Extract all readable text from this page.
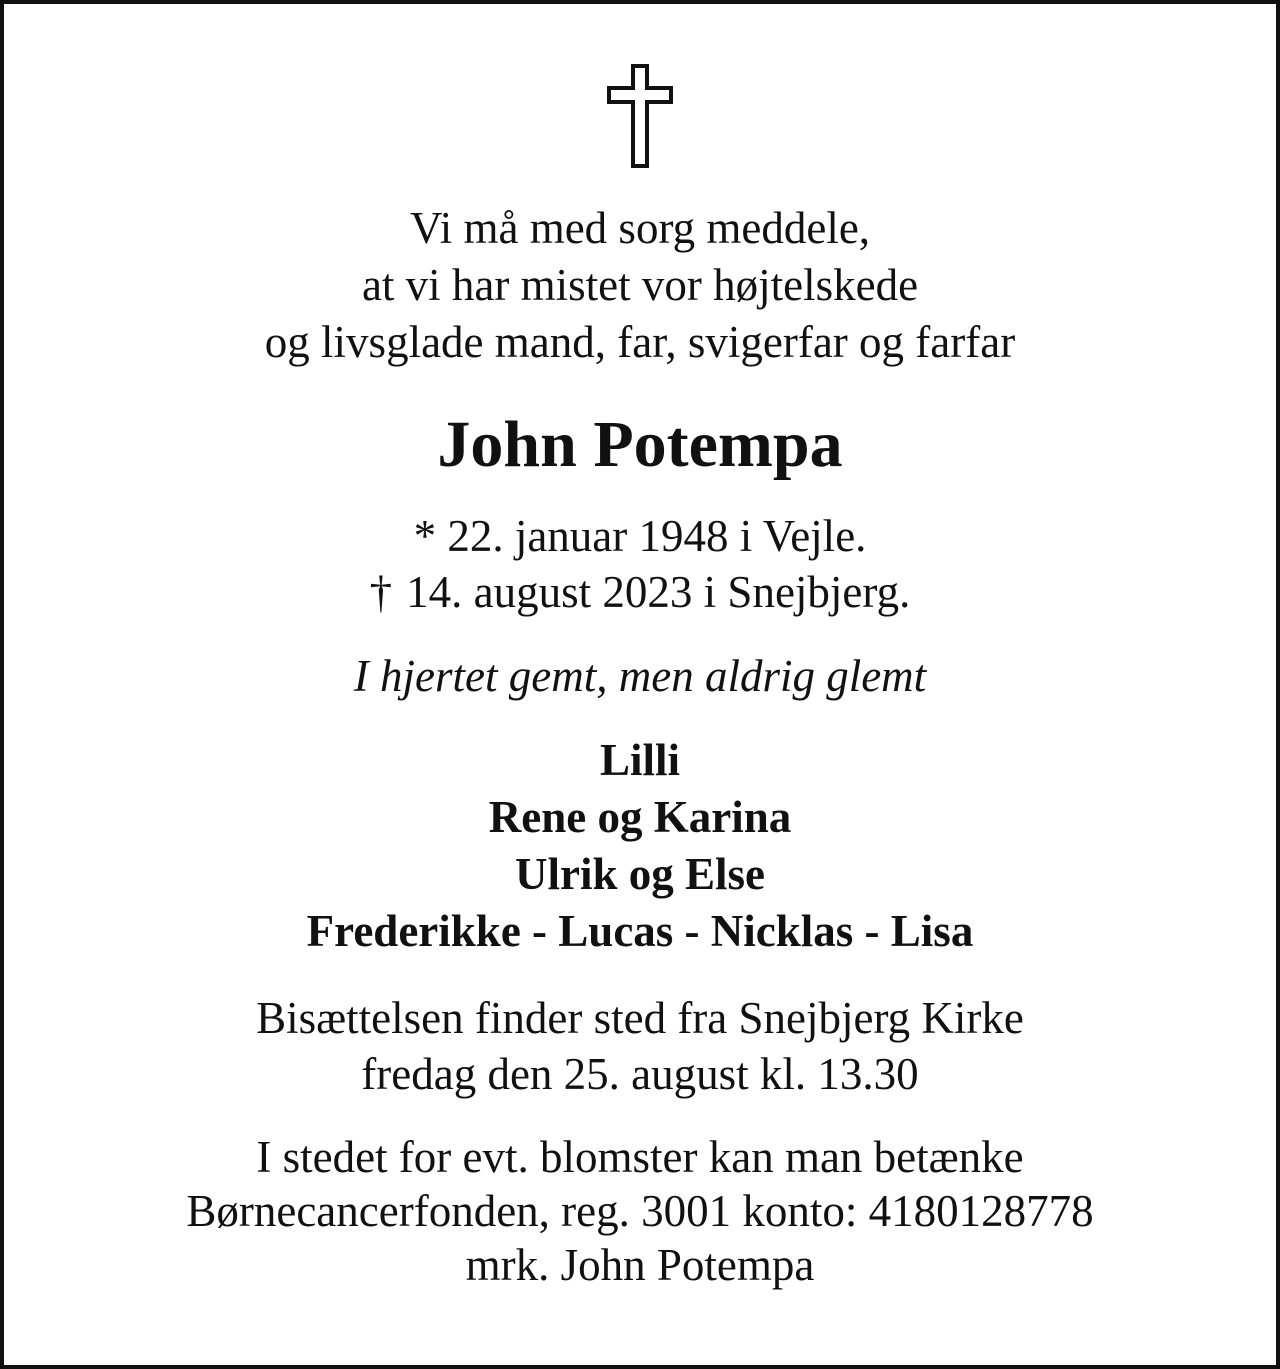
Vi må med sorg meddele,
at vi har mistet vor højtelskede
og livsglade mand, far, svigerfar og farfar
John Potempa
* 22. januar 1948 i Vejle.
† 14. august 2023 i Snejbjerg.
I hjertet gemt, men aldrig glemt
Lilli
Rene og Karina
Ulrik og Else
Frederikke - Lucas - Nicklas - Lisa
Bisættelsen finder sted fra Snejbjerg Kirke
fredag den 25. august kl. 13.30
I stedet for evt. blomster kan man betænke
Børnecancerfonden, reg. 3001 konto: 4180128778
mrk. John Potempa
